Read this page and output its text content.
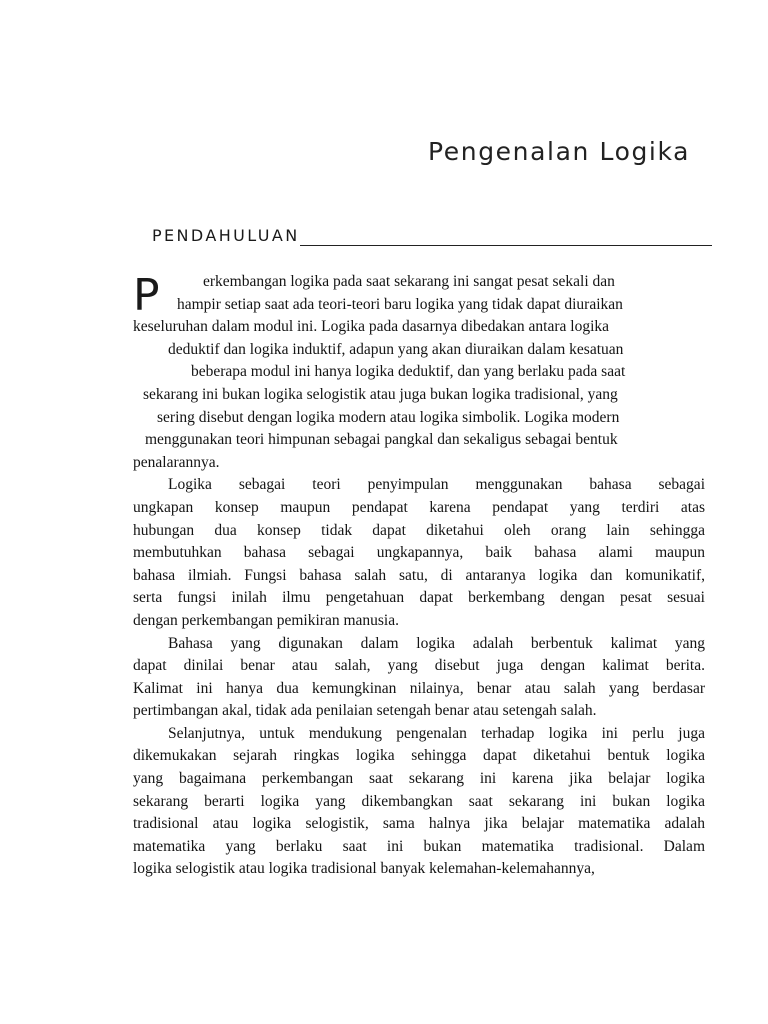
Pengenalan Logika
PENDAHULUAN
P	erkembangan logika pada saat sekarang ini sangat pesat sekali dan
hampir setiap saat ada teori-teori baru logika yang tidak dapat diuraikan
keseluruhan dalam modul ini. Logika pada dasarnya dibedakan antara logika
deduktif dan logika induktif, adapun yang akan diuraikan dalam kesatuan
beberapa modul ini hanya logika deduktif, dan yang berlaku pada saat
sekarang ini bukan logika selogistik atau juga bukan logika tradisional, yang
sering disebut dengan logika modern atau logika simbolik. Logika modern
menggunakan teori himpunan sebagai pangkal dan sekaligus sebagai bentuk
penalarannya.
Logika sebagai teori penyimpulan menggunakan bahasa sebagai
ungkapan konsep maupun pendapat karena pendapat yang terdiri atas
hubungan dua konsep tidak dapat diketahui oleh orang lain sehingga
membutuhkan bahasa sebagai ungkapannya, baik bahasa alami maupun
bahasa ilmiah. Fungsi bahasa salah satu, di antaranya logika dan komunikatif,
serta fungsi inilah ilmu pengetahuan dapat berkembang dengan pesat sesuai
dengan perkembangan pemikiran manusia.
Bahasa yang digunakan dalam logika adalah berbentuk kalimat yang
dapat dinilai benar atau salah, yang disebut juga dengan kalimat berita.
Kalimat ini hanya dua kemungkinan nilainya, benar atau salah yang berdasar
pertimbangan akal, tidak ada penilaian setengah benar atau setengah salah.
Selanjutnya, untuk mendukung pengenalan terhadap logika ini perlu juga
dikemukakan sejarah ringkas logika sehingga dapat diketahui bentuk logika
yang bagaimana perkembangan saat sekarang ini karena jika belajar logika
sekarang berarti logika yang dikembangkan saat sekarang ini bukan logika
tradisional atau logika selogistik, sama halnya jika belajar matematika adalah
matematika yang berlaku saat ini bukan matematika tradisional. Dalam
logika selogistik atau logika tradisional banyak kelemahan-kelemahannya,
